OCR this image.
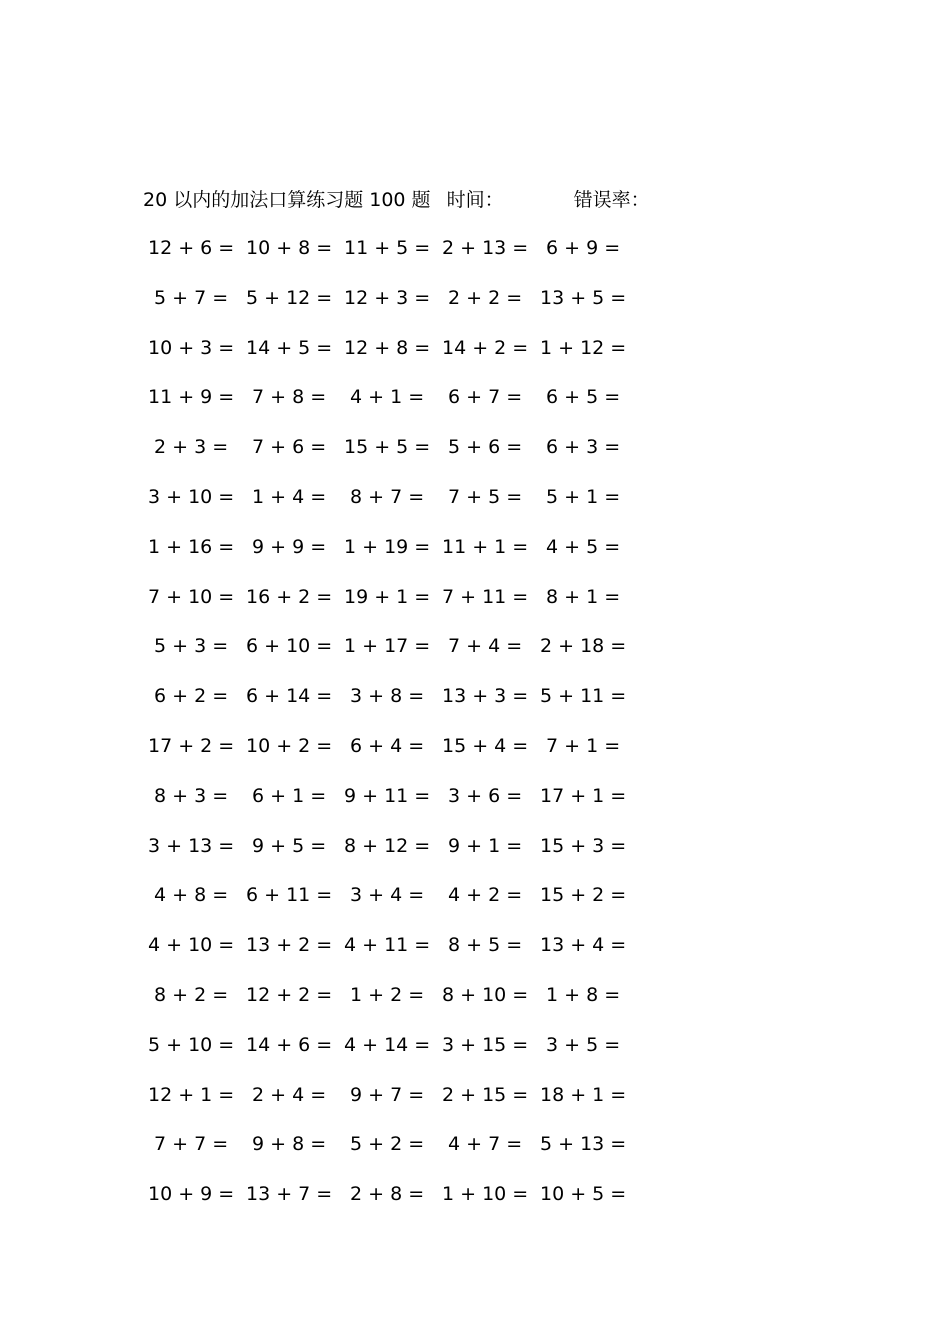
20 以内的加法口算练习题 100 题 时间：	错误率：
12 + 6 = 10 + 8 = 11 + 5 = 2 + 13 = 6 + 9 =
5 + 7 = 5 + 12 = 12 + 3 = 2 + 2 = 13 + 5 =
10 + 3 = 14 + 5 = 12 + 8 = 14 + 2 = 1 + 12 =
11 + 9 = 7 + 8 = 4 + 1 = 6 + 7 = 6 + 5 =
2 + 3 = 7 + 6 = 15 + 5 = 5 + 6 = 6 + 3 =
3 + 10 = 1 + 4 = 8 + 7 = 7 + 5 = 5 + 1 =
1 + 16 = 9 + 9 = 1 + 19 = 11 + 1 = 4 + 5 =
7 + 10 = 16 + 2 = 19 + 1 = 7 + 11 = 8 + 1 =
5 + 3 = 6 + 10 = 1 + 17 = 7 + 4 = 2 + 18 =
6 + 2 = 6 + 14 = 3 + 8 = 13 + 3 = 5 + 11 =
17 + 2 = 10 + 2 = 6 + 4 = 15 + 4 = 7 + 1 =
8 + 3 = 6 + 1 = 9 + 11 = 3 + 6 = 17 + 1 =
3 + 13 = 9 + 5 = 8 + 12 = 9 + 1 = 15 + 3 =
4 + 8 = 6 + 11 = 3 + 4 = 4 + 2 = 15 + 2 =
4 + 10 = 13 + 2 = 4 + 11 = 8 + 5 = 13 + 4 =
8 + 2 = 12 + 2 = 1 + 2 = 8 + 10 = 1 + 8 =
5 + 10 = 14 + 6 = 4 + 14 = 3 + 15 = 3 + 5 =
12 + 1 = 2 + 4 = 9 + 7 = 2 + 15 = 18 + 1 =
7 + 7 = 9 + 8 = 5 + 2 = 4 + 7 = 5 + 13 =
10 + 9 = 13 + 7 = 2 + 8 = 1 + 10 = 10 + 5 =
